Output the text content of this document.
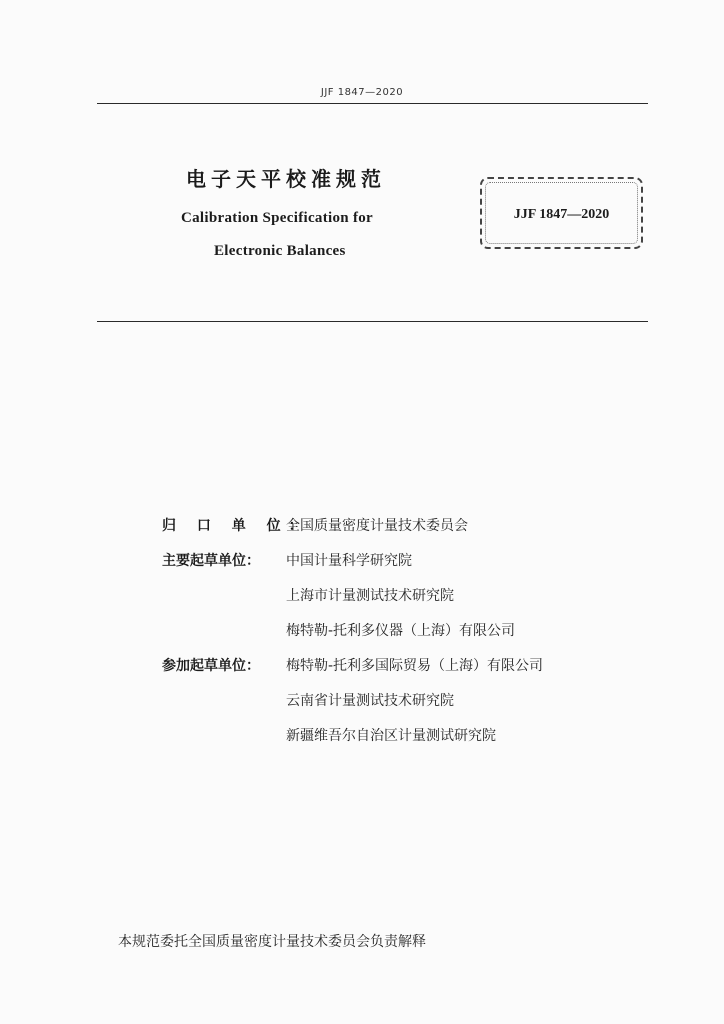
JJF 1847—2020
电子天平校准规范
Calibration Specification for
Electronic Balances
JJF 1847—2020
归 口 单 位：
全国质量密度计量技术委员会
主要起草单位：	中国计量科学研究院
上海市计量测试技术研究院
梅特勒-托利多仪器（上海）有限公司
参加起草单位：	梅特勒-托利多国际贸易（上海）有限公司
云南省计量测试技术研究院
新疆维吾尔自治区计量测试研究院
本规范委托全国质量密度计量技术委员会负责解释
